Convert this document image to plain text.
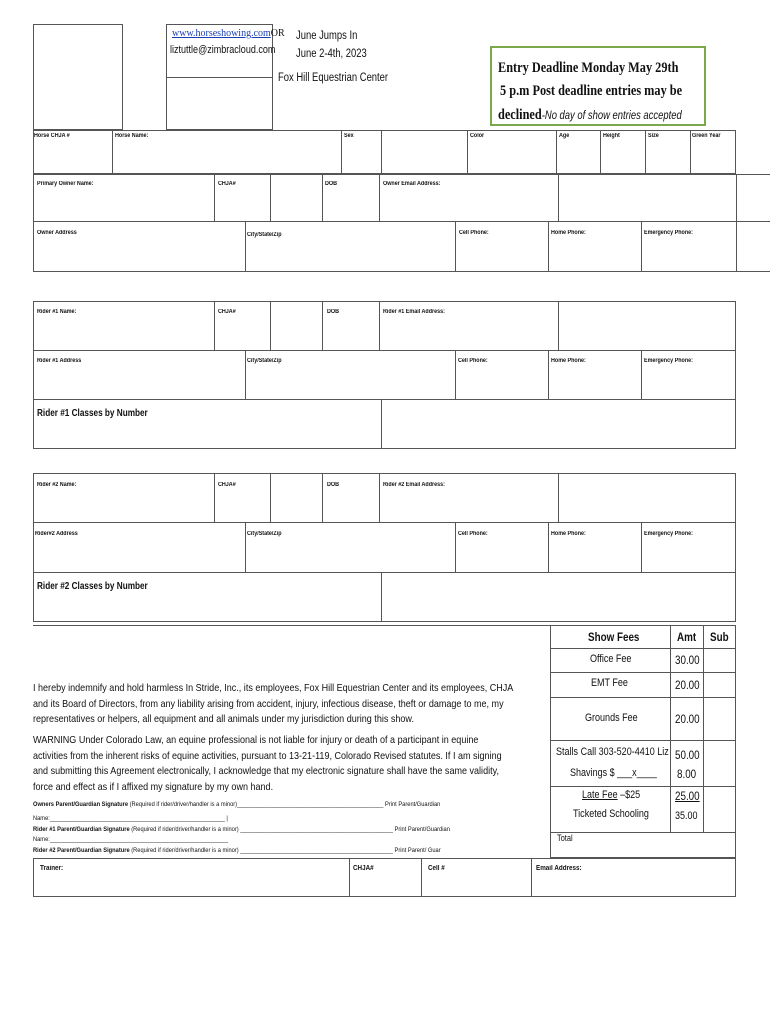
www.horseshowing.comOR
liztuttle@zimbracloud.com
June Jumps In
June 2-4th, 2023
Fox Hill Equestrian Center
Entry Deadline Monday May 29th
5 p.m Post deadline entries may be
declined-No day of show entries accepted
Horse CHJA #	Horse Name:	Sex	Color	Age	Height	Size	Green Year
Primary Owner Name:	CHJA#	DOB	Owner Email Address:
Owner Address	City/State/Zip	Cell Phone:	Home Phone:	Emergency Phone:
Rider #1 Name:	CHJA#	DOB	Rider #1 Email Address:
Rider #1 Address	City/State/Zip	Cell Phone:	Home Phone:	Emergency Phone:
Rider #1 Classes by Number
Rider #2 Name:	CHJA#	DOB	Rider #2 Email Address:
Rider#2 Address	City/State/Zip	Cell Phone:	Home Phone:	Emergency Phone:
Rider #2 Classes by Number
Show Fees	Amt Sub
Office Fee	30.00
EMT Fee	20.00
Grounds Fee	20.00
Stalls Call 303-520-4410 Liz 50.00
Shavings $ ___x____ 8.00
Late Fee –$25	25.00
Ticketed Schooling 35.00
Total
I hereby indemnify and hold harmless In Stride, Inc., its employees, Fox Hill Equestrian Center and its employees, CHJA and its Board of Directors, from any liability arising from accident, injury, infectious disease, theft or damage to me, my representatives or helpers, all equipment and all animals under my jurisdiction during this show.
WARNING Under Colorado Law, an equine professional is not liable for injury or death of a participant in equine activities from the inherent risks of equine activities, pursuant to 13-21-119, Colorado Revised statutes. If I am signing and submitting this Agreement electronically, I acknowledge that my electronic signature shall have the same validity, force and effect as if I affixed my signature by my own hand.
Owners Parent/Guardian Signature (Required if rider/driver/handler is a minor)______________________________________________ Print Parent/Guardian
Name:_______________________________________________________ |
Rider #1 Parent/Guardian Signature (Required if rider/driver/handler is a minor) ________________________________________________ Print Parent/Guardian
Name:________________________________________________________
Rider #2 Parent/Guardian Signature (Required if rider/driver/handler is a minor) ________________________________________________ Print Parent/ Guar
Trainer:	CHJA#	Cell #	Email Address:
